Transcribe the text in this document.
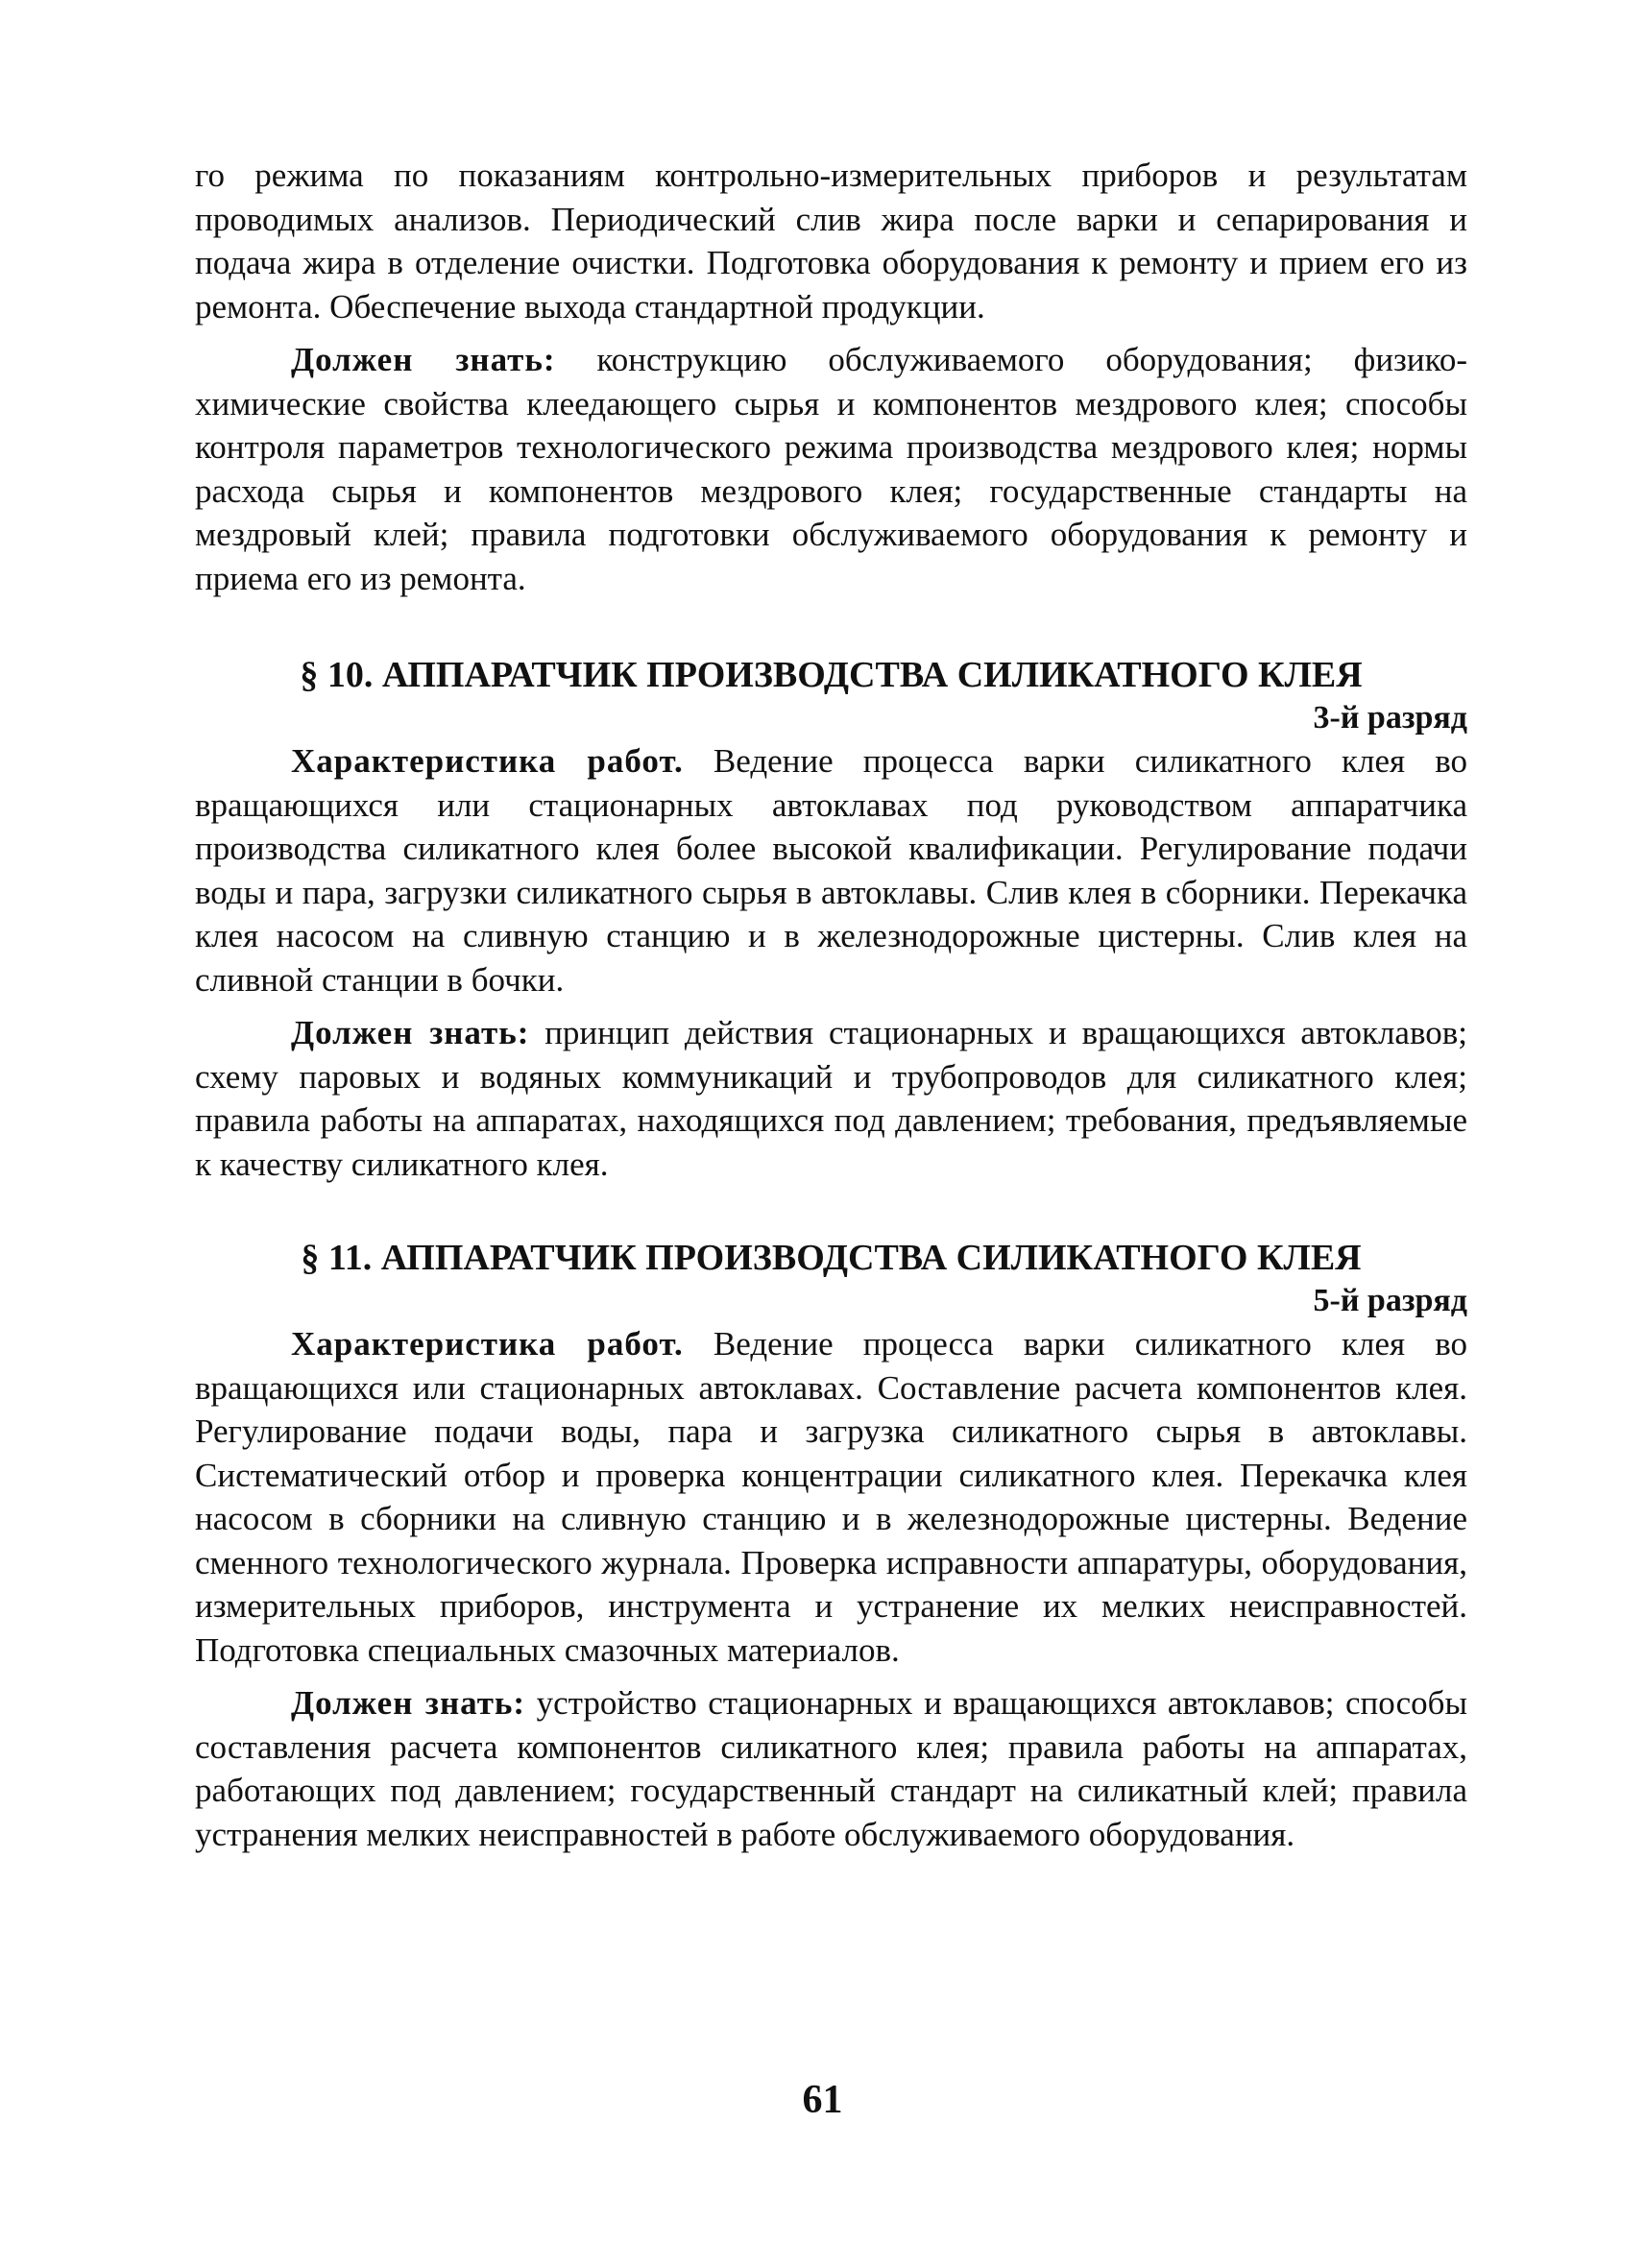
го режима по показаниям контрольно-измерительных приборов и результатам проводимых анализов. Периодический слив жира после варки и сепарирования и подача жира в отделение очистки. Подготовка оборудования к ремонту и прием его из ремонта. Обеспечение выхода стандартной продукции.

Должен знать: конструкцию обслуживаемого оборудования; физико-химические свойства клеедающего сырья и компонентов мездрового клея; способы контроля параметров технологического режима производства мездрового клея; нормы расхода сырья и компонентов мездрового клея; государственные стандарты на мездровый клей; правила подготовки обслуживаемого оборудования к ремонту и приема его из ремонта.

§ 10. АППАРАТЧИК ПРОИЗВОДСТВА СИЛИКАТНОГО КЛЕЯ
3-й разряд

Характеристика работ. Ведение процесса варки силикатного клея во вращающихся или стационарных автоклавах под руководством аппаратчика производства силикатного клея более высокой квалификации. Регулирование подачи воды и пара, загрузки силикатного сырья в автоклавы. Слив клея в сборники. Перекачка клея насосом на сливную станцию и в железнодорожные цистерны. Слив клея на сливной станции в бочки.

Должен знать: принцип действия стационарных и вращающихся автоклавов; схему паровых и водяных коммуникаций и трубопроводов для силикатного клея; правила работы на аппаратах, находящихся под давлением; требования, предъявляемые к качеству силикатного клея.

§ 11. АППАРАТЧИК ПРОИЗВОДСТВА СИЛИКАТНОГО КЛЕЯ
5-й разряд

Характеристика работ. Ведение процесса варки силикатного клея во вращающихся или стационарных автоклавах. Составление расчета компонентов клея. Регулирование подачи воды, пара и загрузка силикатного сырья в автоклавы. Систематический отбор и проверка концентрации силикатного клея. Перекачка клея насосом в сборники на сливную станцию и в железнодорожные цистерны. Ведение сменного технологического журнала. Проверка исправности аппаратуры, оборудования, измерительных приборов, инструмента и устранение их мелких неисправностей. Подготовка специальных смазочных материалов.

Должен знать: устройство стационарных и вращающихся автоклавов; способы составления расчета компонентов силикатного клея; правила работы на аппаратах, работающих под давлением; государственный стандарт на силикатный клей; правила устранения мелких неисправностей в работе обслуживаемого оборудования.

61
